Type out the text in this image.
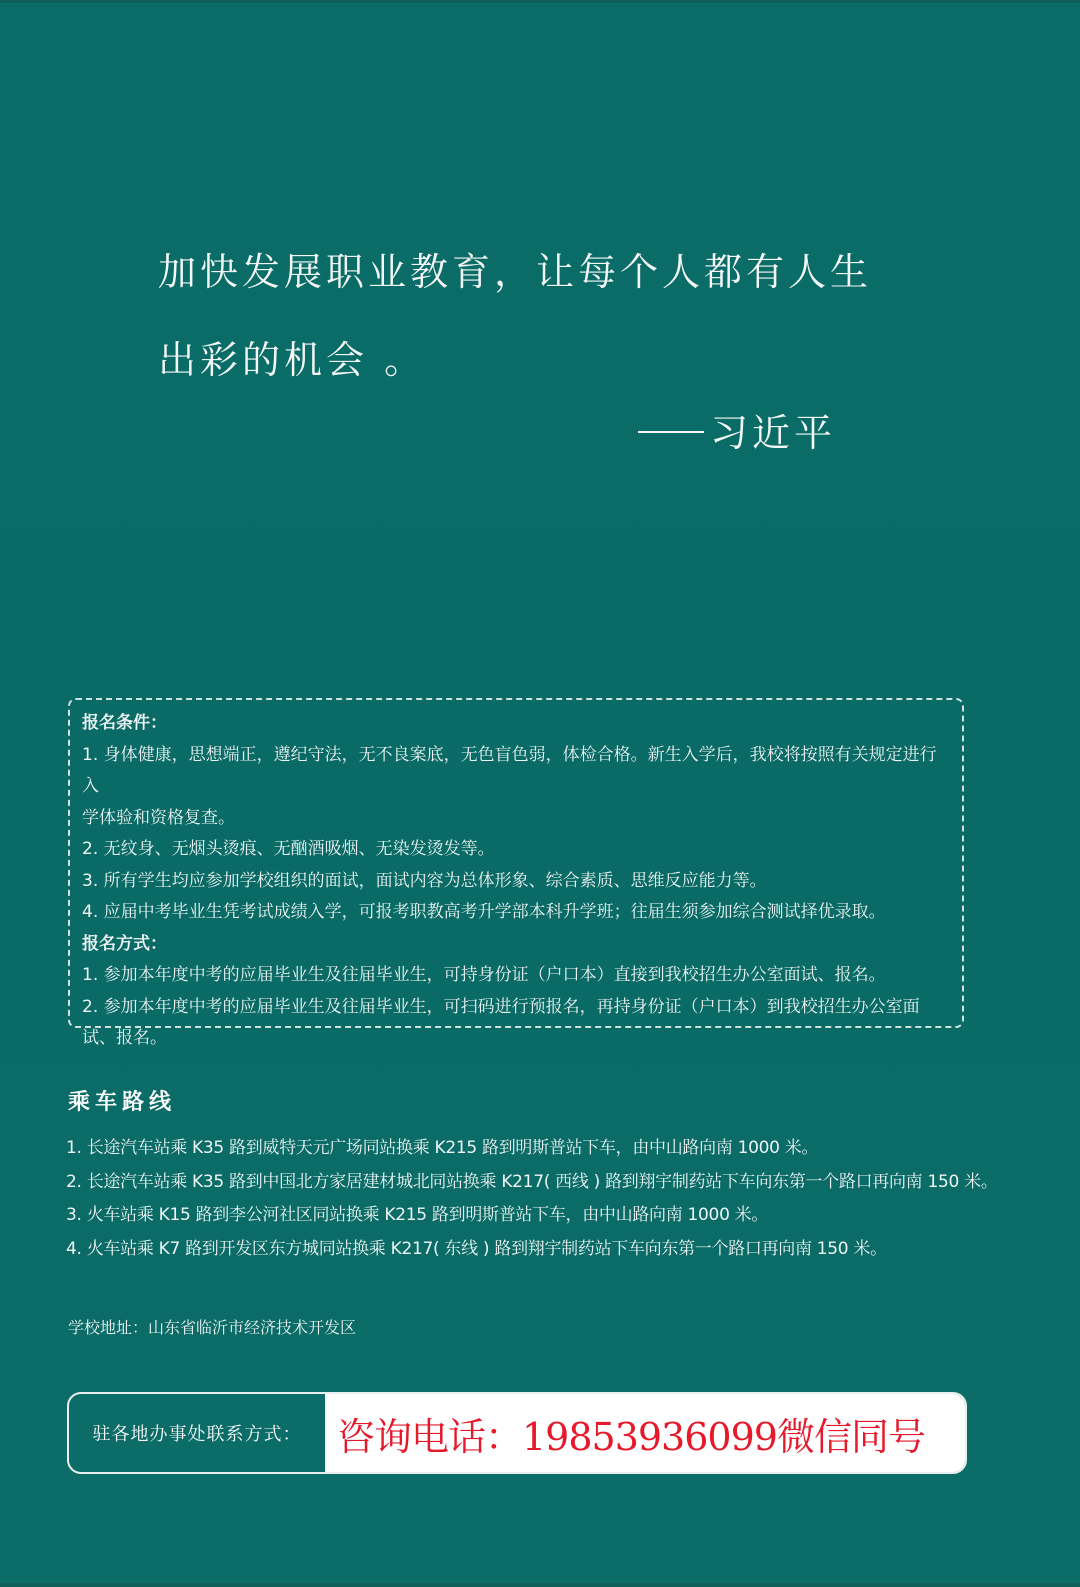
加快发展职业教育，让每个人都有人生

出彩的机会 。

习近平

报名条件：

1. 身体健康，思想端正，遵纪守法，无不良案底，无色盲色弱，体检合格。新生入学后，我校将按照有关规定进行入

学体验和资格复查。

2. 无纹身、无烟头烫痕、无酗酒吸烟、无染发烫发等。

3. 所有学生均应参加学校组织的面试，面试内容为总体形象、综合素质、思维反应能力等。

4. 应届中考毕业生凭考试成绩入学，可报考职教高考升学部本科升学班；往届生须参加综合测试择优录取。

报名方式：

1. 参加本年度中考的应届毕业生及往届毕业生，可持身份证（户口本）直接到我校招生办公室面试、报名。

2. 参加本年度中考的应届毕业生及往届毕业生，可扫码进行预报名，再持身份证（户口本）到我校招生办公室面

试、报名。

乘车路线

1. 长途汽车站乘 K35 路到威特天元广场同站换乘 K215 路到明斯普站下车，由中山路向南 1000 米。

2. 长途汽车站乘 K35 路到中国北方家居建材城北同站换乘 K217( 西线 ) 路到翔宇制药站下车向东第一个路口再向南 150 米。

3. 火车站乘 K15 路到李公河社区同站换乘 K215 路到明斯普站下车，由中山路向南 1000 米。

4. 火车站乘 K7 路到开发区东方城同站换乘 K217( 东线 ) 路到翔宇制药站下车向东第一个路口再向南 150 米。

学校地址：山东省临沂市经济技术开发区
驻各地办事处联系方式： 咨询电话：19853936099微信同号
